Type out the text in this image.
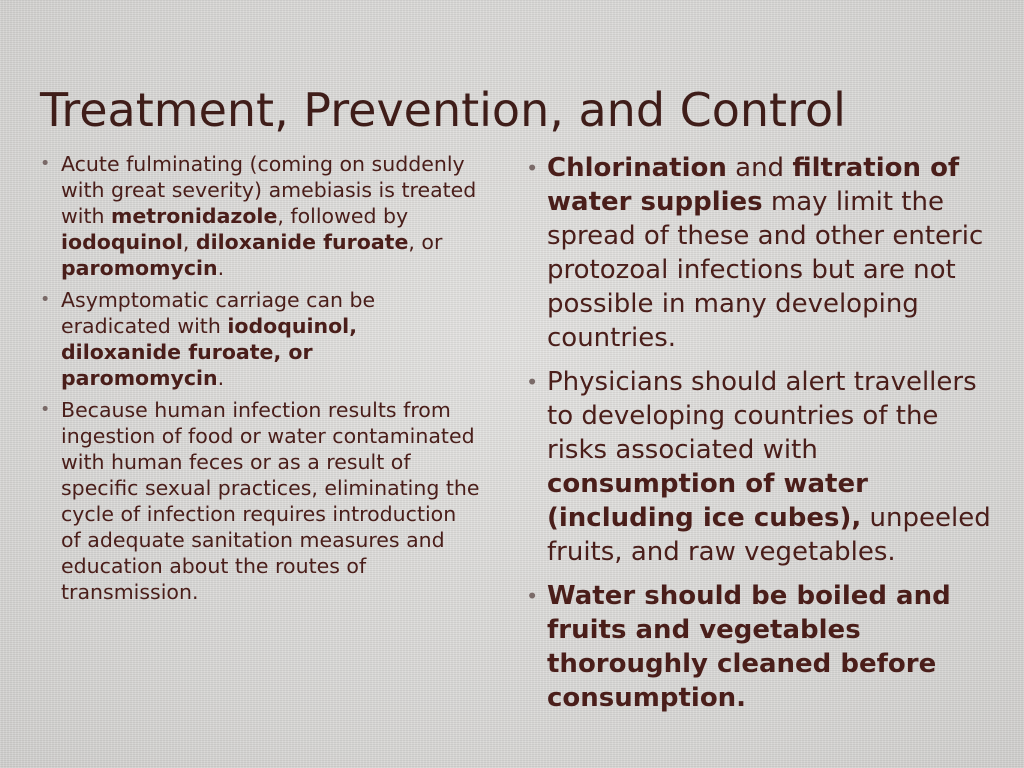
Treatment, Prevention, and Control
• Acute fulminating (coming on suddenly with great severity) amebiasis is treated with metronidazole, followed by iodoquinol, diloxanide furoate, or paromomycin.
• Asymptomatic carriage can be eradicated with iodoquinol, diloxanide furoate, or paromomycin.
• Because human infection results from ingestion of food or water contaminated with human feces or as a result of specific sexual practices, eliminating the cycle of infection requires introduction of adequate sanitation measures and education about the routes of transmission.
• Chlorination and filtration of water supplies may limit the spread of these and other enteric protozoal infections but are not possible in many developing countries.
• Physicians should alert travellers to developing countries of the risks associated with consumption of water (including ice cubes), unpeeled fruits, and raw vegetables.
• Water should be boiled and fruits and vegetables thoroughly cleaned before consumption.
